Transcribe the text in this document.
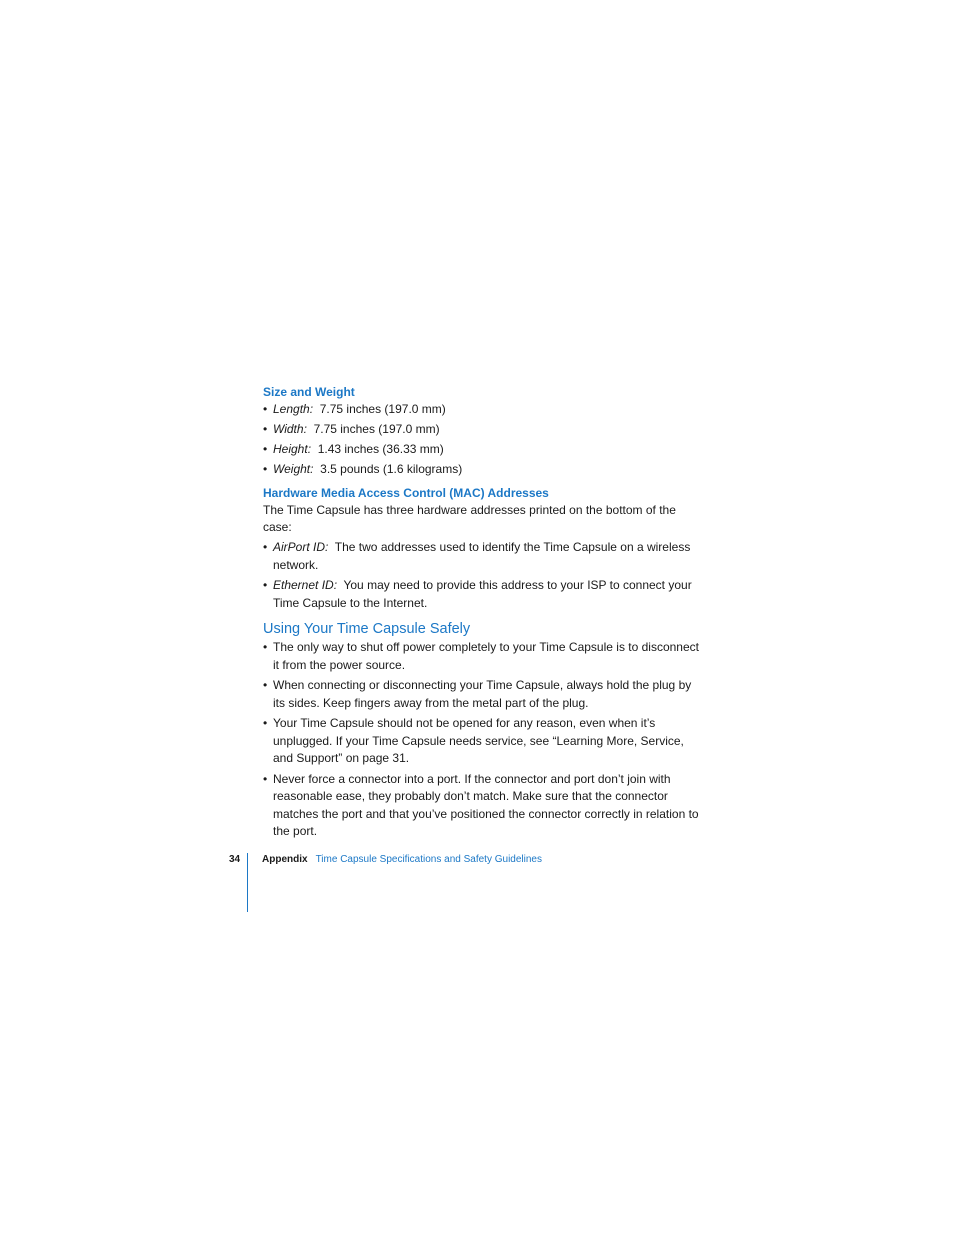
Size and Weight
• Length: 7.75 inches (197.0 mm)
• Width: 7.75 inches (197.0 mm)
• Height: 1.43 inches (36.33 mm)
• Weight: 3.5 pounds (1.6 kilograms)
Hardware Media Access Control (MAC) Addresses

The Time Capsule has three hardware addresses printed on the bottom of the case:

• AirPort ID: The two addresses used to identify the Time Capsule on a wireless network.
• Ethernet ID: You may need to provide this address to your ISP to connect your Time Capsule to the Internet.
Using Your Time Capsule Safely
• The only way to shut off power completely to your Time Capsule is to disconnect it from the power source.
• When connecting or disconnecting your Time Capsule, always hold the plug by its sides. Keep fingers away from the metal part of the plug.
• Your Time Capsule should not be opened for any reason, even when it’s unplugged. If your Time Capsule needs service, see “Learning More, Service, and Support” on page 31.
• Never force a connector into a port. If the connector and port don’t join with reasonable ease, they probably don’t match. Make sure that the connector matches the port and that you’ve positioned the connector correctly in relation to the port.
34 Appendix Time Capsule Specifications and Safety Guidelines
